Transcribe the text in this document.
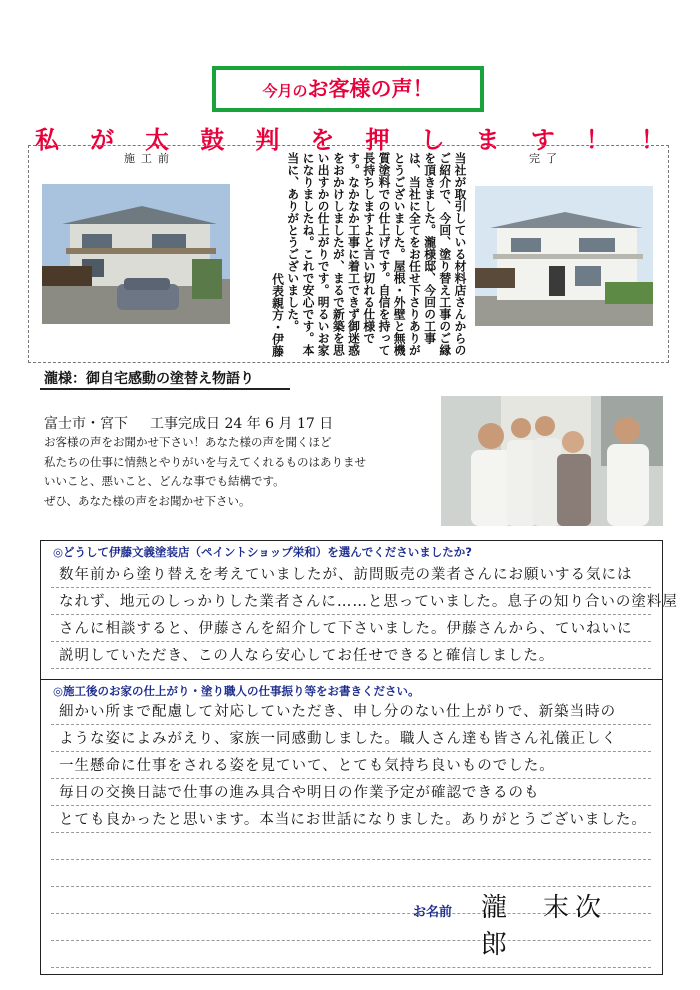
今月のお客様の声！
私 が 太 鼓 判 を 押 し ま す ！ ！
施工前	完了
当社が取引している材料店さんからのご紹介で、今回、塗り替え工事のご縁を頂きました。瀧様邸、今回の工事は、当社に全てをお任せ下さりありがとうございました。屋根・外壁と無機質塗料での仕上げです。自信を持って長持ちしますよと言い切れる仕様です。なかなか工事に着工できず御迷惑をおかけしましたが、まるで新築を思い出すかの仕上がりです。明るいお家になりましたね。これで安心です。本当に、ありがとうございました。
代表親方・伊藤
瀧様：御自宅感動の塗替え物語り
富士市・宮下 工事完成日 24 年 6 月 17 日
お客様の声をお聞かせ下さい！あなた様の声を聞くほど
私たちの仕事に情熱とやりがいを与えてくれるものはありませ
いいこと、悪いこと、どんな事でも結構です。
ぜひ、あなた様の声をお聞かせ下さい。
◎どうして伊藤文義塗装店（ペイントショップ栄和）を選んでくださいましたか?
数年前から塗り替えを考えていましたが、訪問販売の業者さんにお願いする気には
なれず、地元のしっかりした業者さんに……と思っていました。息子の知り合いの塗料屋
さんに相談すると、伊藤さんを紹介して下さいました。伊藤さんから、ていねいに
説明していただき、この人なら安心してお任せできると確信しました。
◎施工後のお家の仕上がり・塗り職人の仕事振り等をお書きください。
細かい所まで配慮して対応していただき、申し分のない仕上がりで、新築当時の
ような姿によみがえり、家族一同感動しました。職人さん達も皆さん礼儀正しく
一生懸命に仕事をされる姿を見ていて、とても気持ち良いものでした。
毎日の交換日誌で仕事の進み具合や明日の作業予定が確認できるのも
とても良かったと思います。本当にお世話になりました。ありがとうございました。
お名前 瀧 末次郎
